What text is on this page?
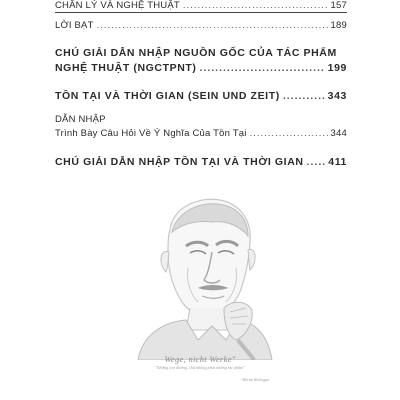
CHÂN LÝ VÀ NGHỆ THUẬT .....	157
LỜI BẠT .....	189
CHÚ GIẢI DẪN NHẬP NGUỒN GỐC CỦA TÁC PHẨM
NGHỆ THUẬT (NGCTPNT) .....	199
TỒN TẠI VÀ THỜI GIAN (SEIN UND ZEIT) .....	343
DẪN NHẬP
Trình Bày Câu Hỏi Về Ý Nghĩa Của Tồn Tại .....	344
CHÚ GIẢI DẪN NHẬP TỒN TẠI VÀ THỜI GIAN ..... 411
Wege, nicht Werke"
"Những con đường, chứ không phải những tác phẩm"
- Martin Heidegger
